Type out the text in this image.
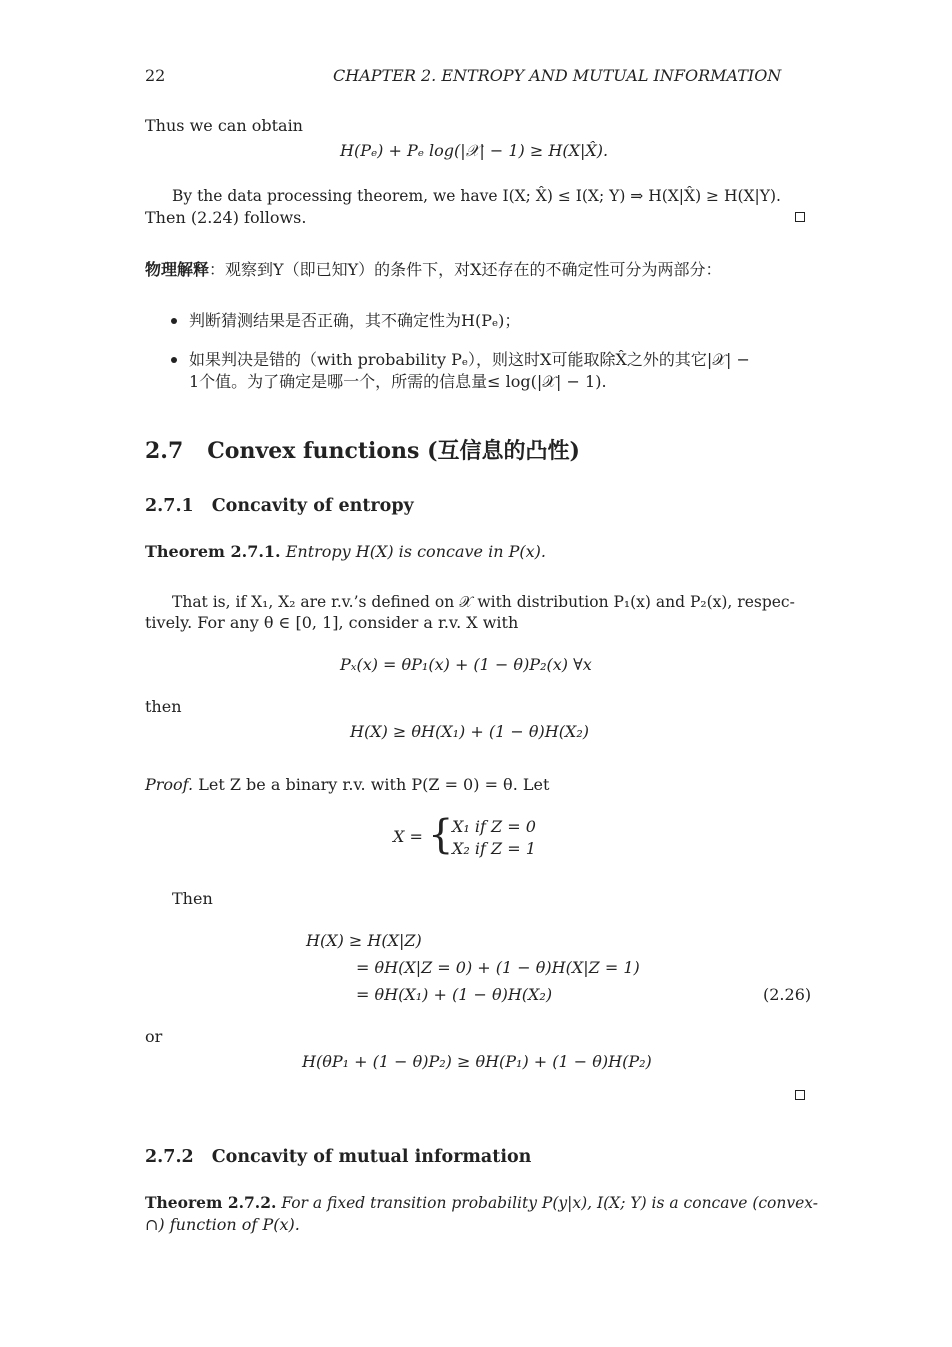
22	CHAPTER 2. ENTROPY AND MUTUAL INFORMATION
Thus we can obtain
H(Pₑ) + Pₑ log(|𝒳| − 1) ≥ H(X|X̂).
By the data processing theorem, we have I(X; X̂) ≤ I(X; Y) ⇒ H(X|X̂) ≥ H(X|Y).
Then (2.24) follows.
物理解释：观察到Y（即已知Y）的条件下，对X还存在的不确定性可分为两部分：
判断猜测结果是否正确，其不确定性为H(Pₑ)；
如果判决是错的（with probability Pₑ），则这时X可能取除X̂之外的其它|𝒳| −
1个值。为了确定是哪一个，所需的信息量≤ log(|𝒳| − 1).
2.7 Convex functions (互信息的凸性)
2.7.1 Concavity of entropy
Theorem 2.7.1. Entropy H(X) is concave in P(x).
That is, if X₁, X₂ are r.v.’s defined on 𝒳 with distribution P₁(x) and P₂(x), respec-
tively. For any θ ∈ [0, 1], consider a r.v. X with
Pₓ(x) = θP₁(x) + (1 − θ)P₂(x) ∀x
then
H(X) ≥ θH(X₁) + (1 − θ)H(X₂)
Proof. Let Z be a binary r.v. with P(Z = 0) = θ. Let
X = {
X₁ if Z = 0
X₂ if Z = 1
Then
H(X) ≥ H(X|Z)
= θH(X|Z = 0) + (1 − θ)H(X|Z = 1)
= θH(X₁) + (1 − θ)H(X₂)	(2.26)
or
H(θP₁ + (1 − θ)P₂) ≥ θH(P₁) + (1 − θ)H(P₂)
2.7.2 Concavity of mutual information
Theorem 2.7.2. For a fixed transition probability P(y|x), I(X; Y) is a concave (convex-
∩) function of P(x).
